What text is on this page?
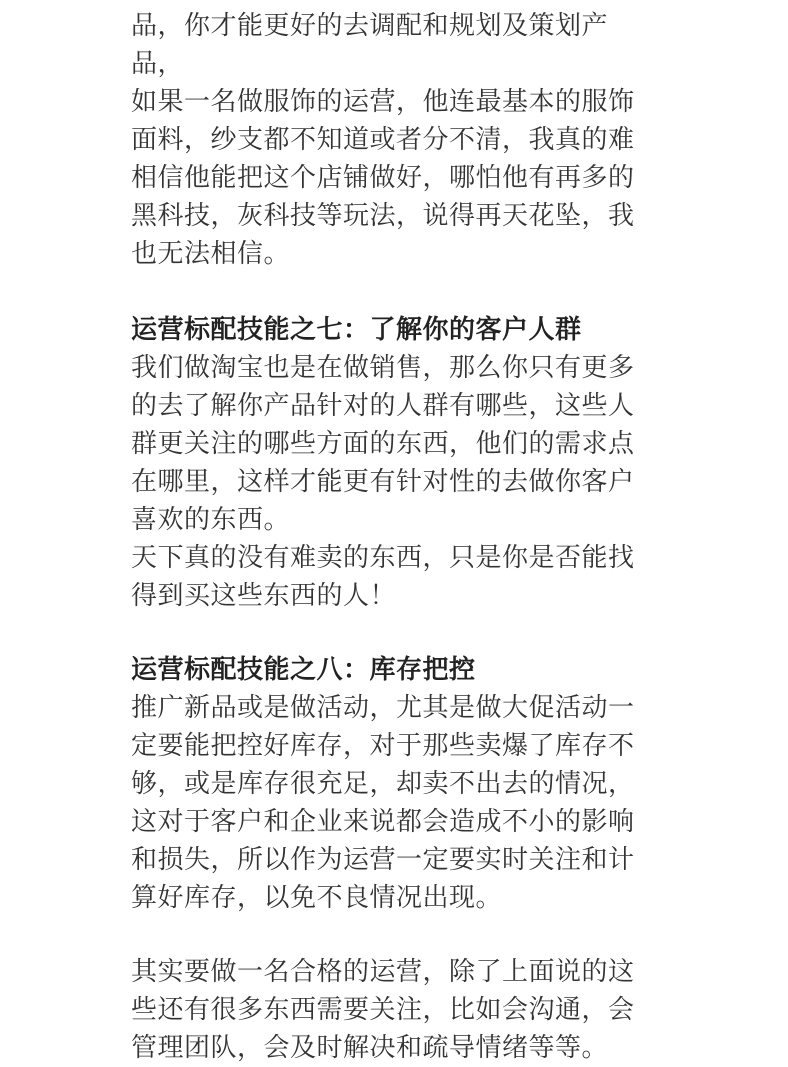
品，你才能更好的去调配和规划及策划产
品，
如果一名做服饰的运营，他连最基本的服饰
面料，纱支都不知道或者分不清，我真的难
相信他能把这个店铺做好，哪怕他有再多的
黑科技，灰科技等玩法，说得再天花坠，我
也无法相信。
运营标配技能之七：了解你的客户人群
我们做淘宝也是在做销售，那么你只有更多
的去了解你产品针对的人群有哪些，这些人
群更关注的哪些方面的东西，他们的需求点
在哪里，这样才能更有针对性的去做你客户
喜欢的东西。
天下真的没有难卖的东西，只是你是否能找
得到买这些东西的人！
运营标配技能之八：库存把控
推广新品或是做活动，尤其是做大促活动一
定要能把控好库存，对于那些卖爆了库存不
够，或是库存很充足，却卖不出去的情况，
这对于客户和企业来说都会造成不小的影响
和损失，所以作为运营一定要实时关注和计
算好库存，以免不良情况出现。
其实要做一名合格的运营，除了上面说的这
些还有很多东西需要关注，比如会沟通，会
管理团队，会及时解决和疏导情绪等等。
